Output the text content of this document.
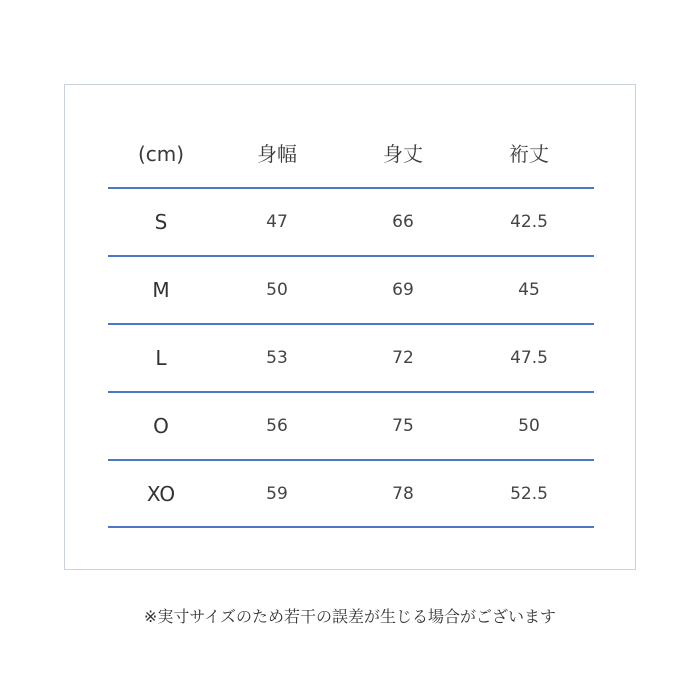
(cm)	身幅	身丈	裄丈
S	47	66	42.5
M	50	69	45
L	53	72	47.5
O	56	75	50
XO	59	78	52.5
※実寸サイズのため若干の誤差が生じる場合がございます
